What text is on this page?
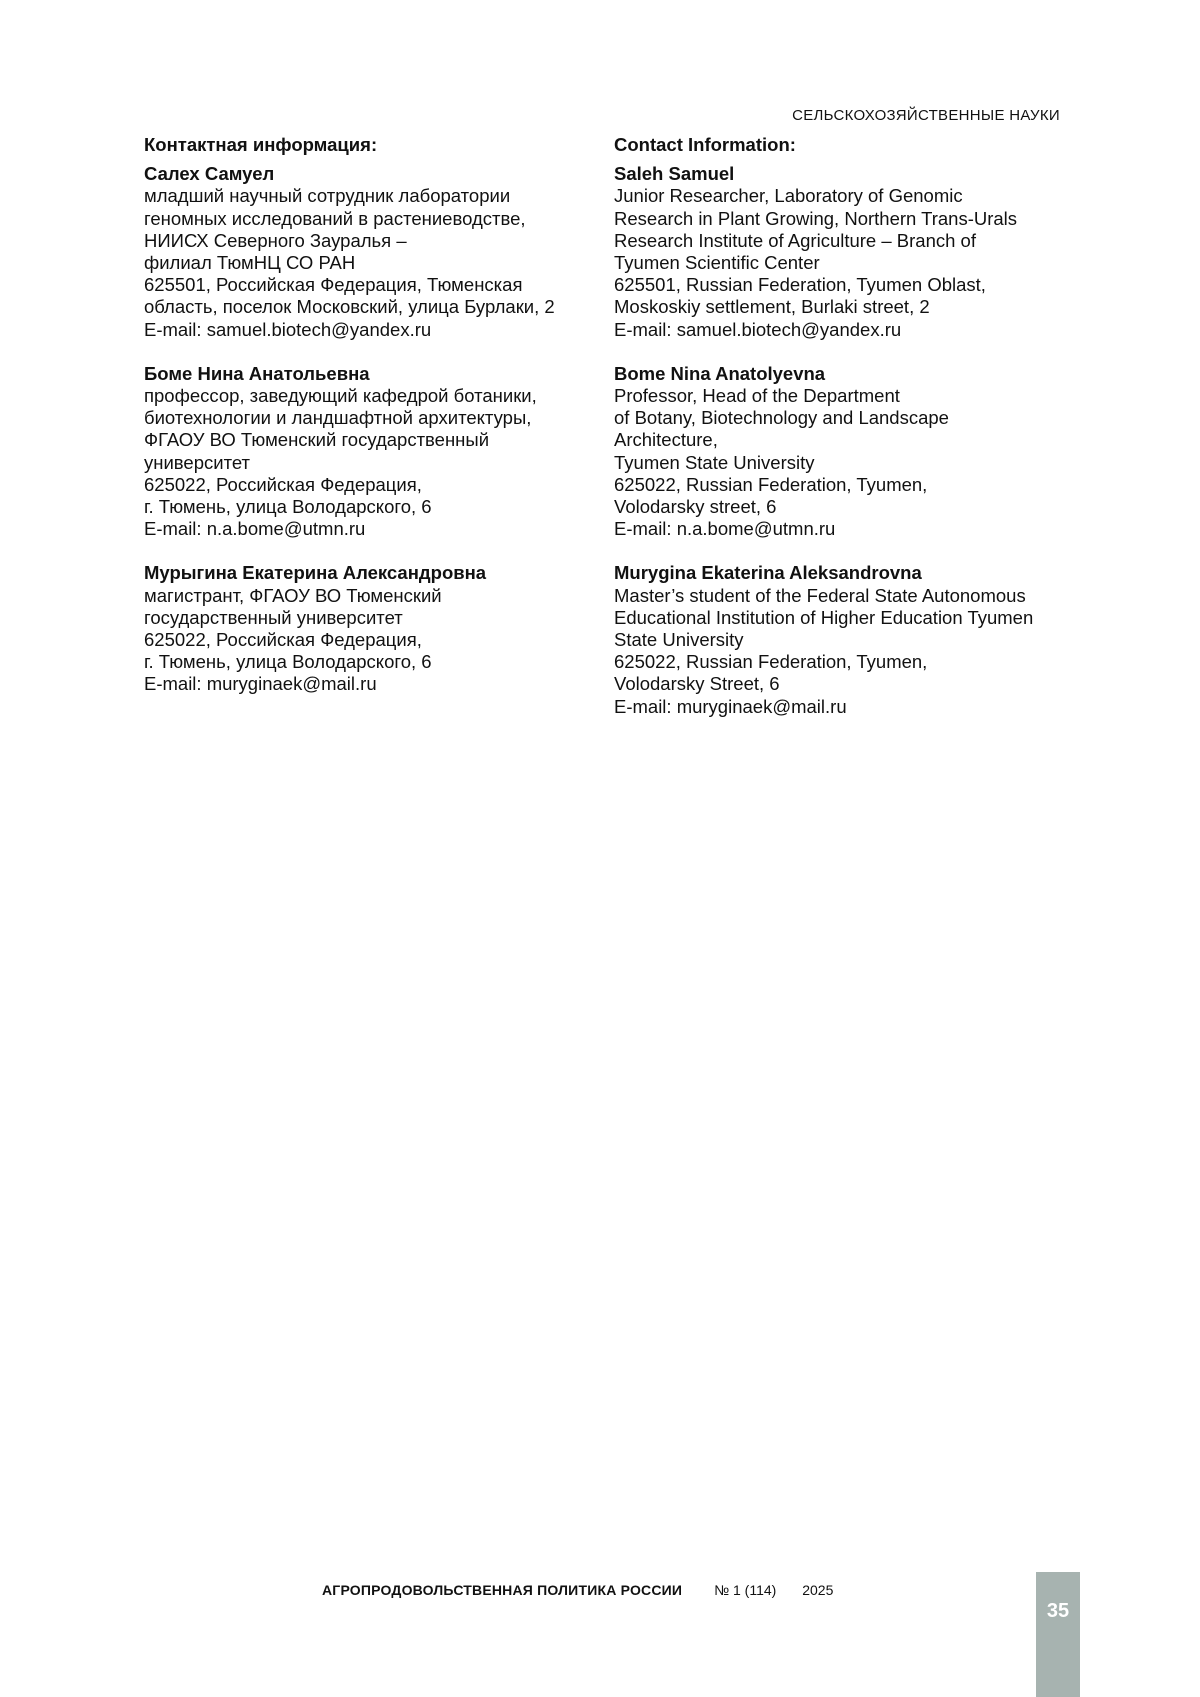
СЕЛЬСКОХОЗЯЙСТВЕННЫЕ НАУКИ
Контактная информация:
Салех Самуел
младший научный сотрудник лаборатории
геномных исследований в растениеводстве,
НИИСХ Северного Зауралья –
филиал ТюмНЦ СО РАН
625501, Российская Федерация, Тюменская
область, поселок Московский, улица Бурлаки, 2
E-mail: samuel.biotech@yandex.ru
Боме Нина Анатольевна
профессор, заведующий кафедрой ботаники,
биотехнологии и ландшафтной архитектуры,
ФГАОУ ВО Тюменский государственный
университет
625022, Российская Федерация,
г. Тюмень, улица Володарского, 6
E-mail: n.a.bome@utmn.ru
Мурыгина Екатерина Александровна
магистрант, ФГАОУ ВО Тюменский
государственный университет
625022, Российская Федерация,
г. Тюмень, улица Володарского, 6
E-mail: muryginaek@mail.ru
Contact Information:
Saleh Samuel
Junior Researcher, Laboratory of Genomic
Research in Plant Growing, Northern Trans-Urals
Research Institute of Agriculture – Branch of
Tyumen Scientific Center
625501, Russian Federation, Tyumen Oblast,
Moskoskiy settlement, Burlaki street, 2
E-mail: samuel.biotech@yandex.ru
Bome Nina Anatolyevna
Professor, Head of the Department
of Botany, Biotechnology and Landscape
Architecture,
Tyumen State University
625022, Russian Federation, Tyumen,
Volodarsky street, 6
E-mail: n.a.bome@utmn.ru
Murygina Ekaterina Aleksandrovna
Master’s student of the Federal State Autonomous
Educational Institution of Higher Education Tyumen
State University
625022, Russian Federation, Tyumen,
Volodarsky Street, 6
E-mail: muryginaek@mail.ru
АГРОПРОДОВОЛЬСТВЕННАЯ ПОЛИТИКА РОССИИ № 1 (114) 2025
35
